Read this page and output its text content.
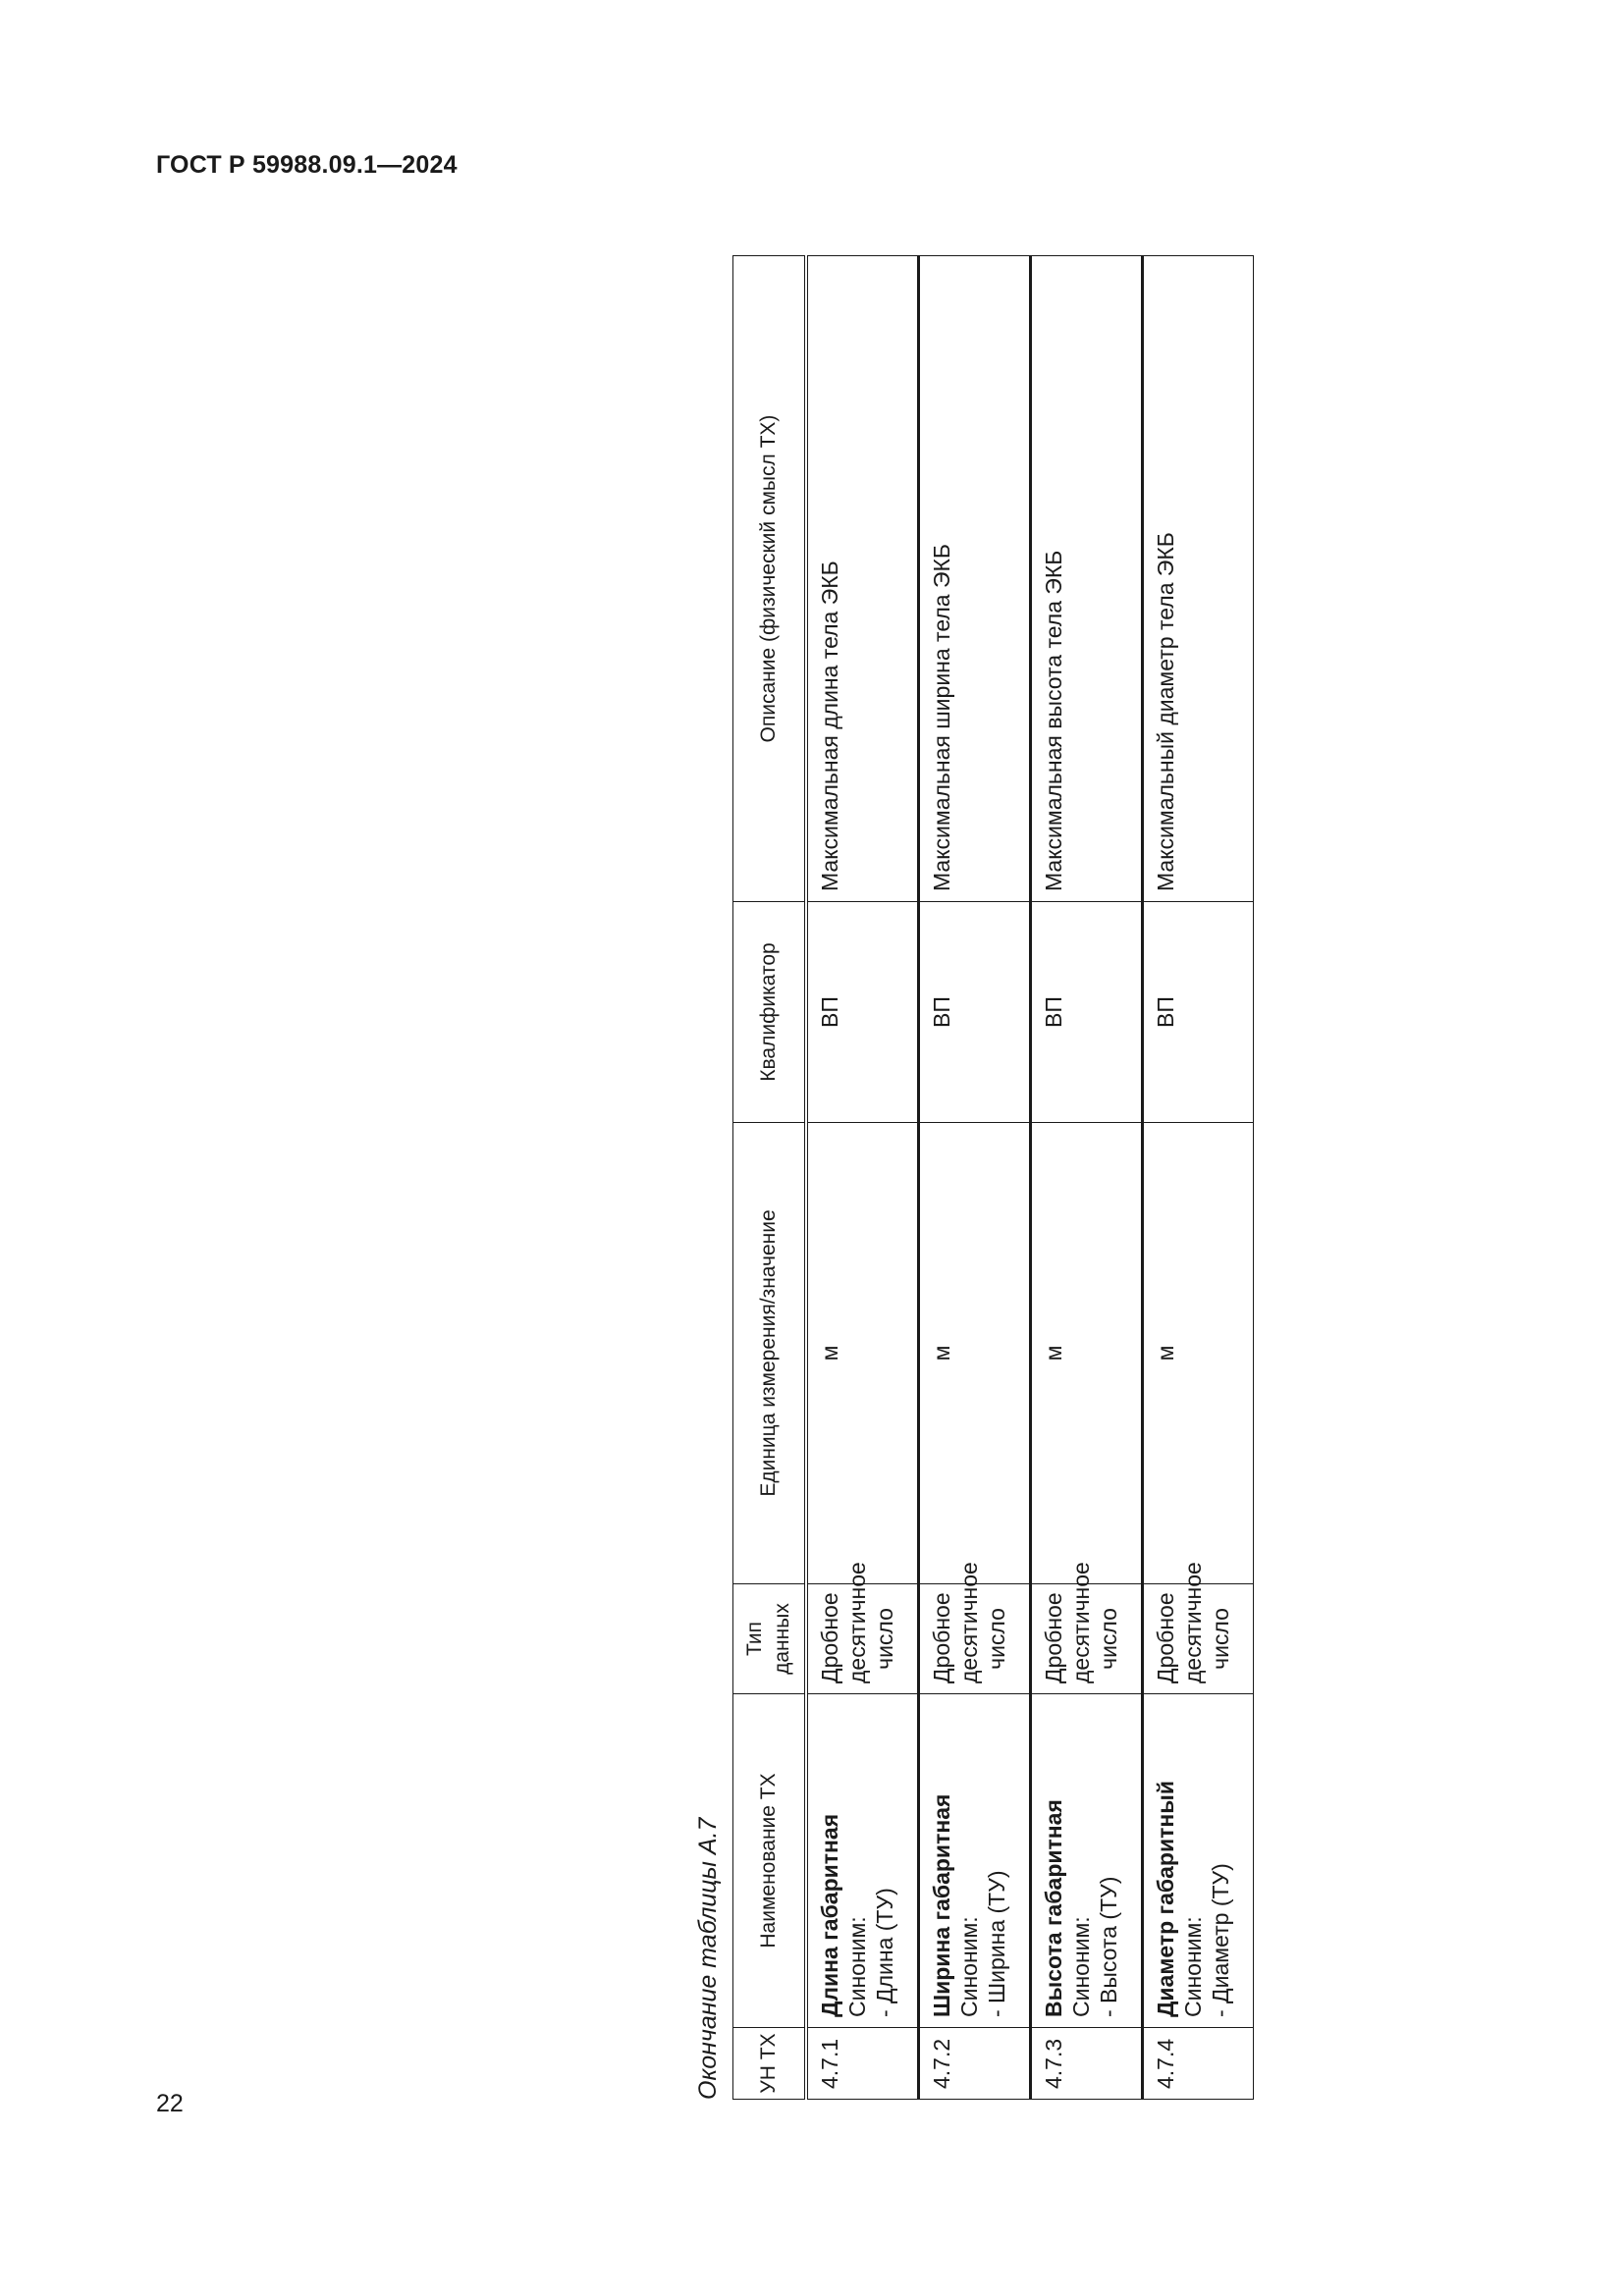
ГОСТ Р 59988.09.1—2024
22
Окончание таблицы А.7 УН ТХ	Наименование ТХ	Тип данных	Единица измерения/значение	Квалификатор	Описание (физический смысл ТХ)
4.7.1	Длина габаритная Синоним: - Длина (ТУ)	Дробное десятичное число	м	ВП	Максимальная длина тела ЭКБ
4.7.2	Ширина габаритная Синоним: - Ширина (ТУ)	Дробное десятичное число	м	ВП	Максимальная ширина тела ЭКБ
4.7.3	Высота габаритная Синоним: - Высота (ТУ)	Дробное десятичное число	м	ВП	Максимальная высота тела ЭКБ
4.7.4	Диаметр габаритный Синоним: - Диаметр (ТУ)	Дробное десятичное число	м	ВП	Максимальный диаметр тела ЭКБ
